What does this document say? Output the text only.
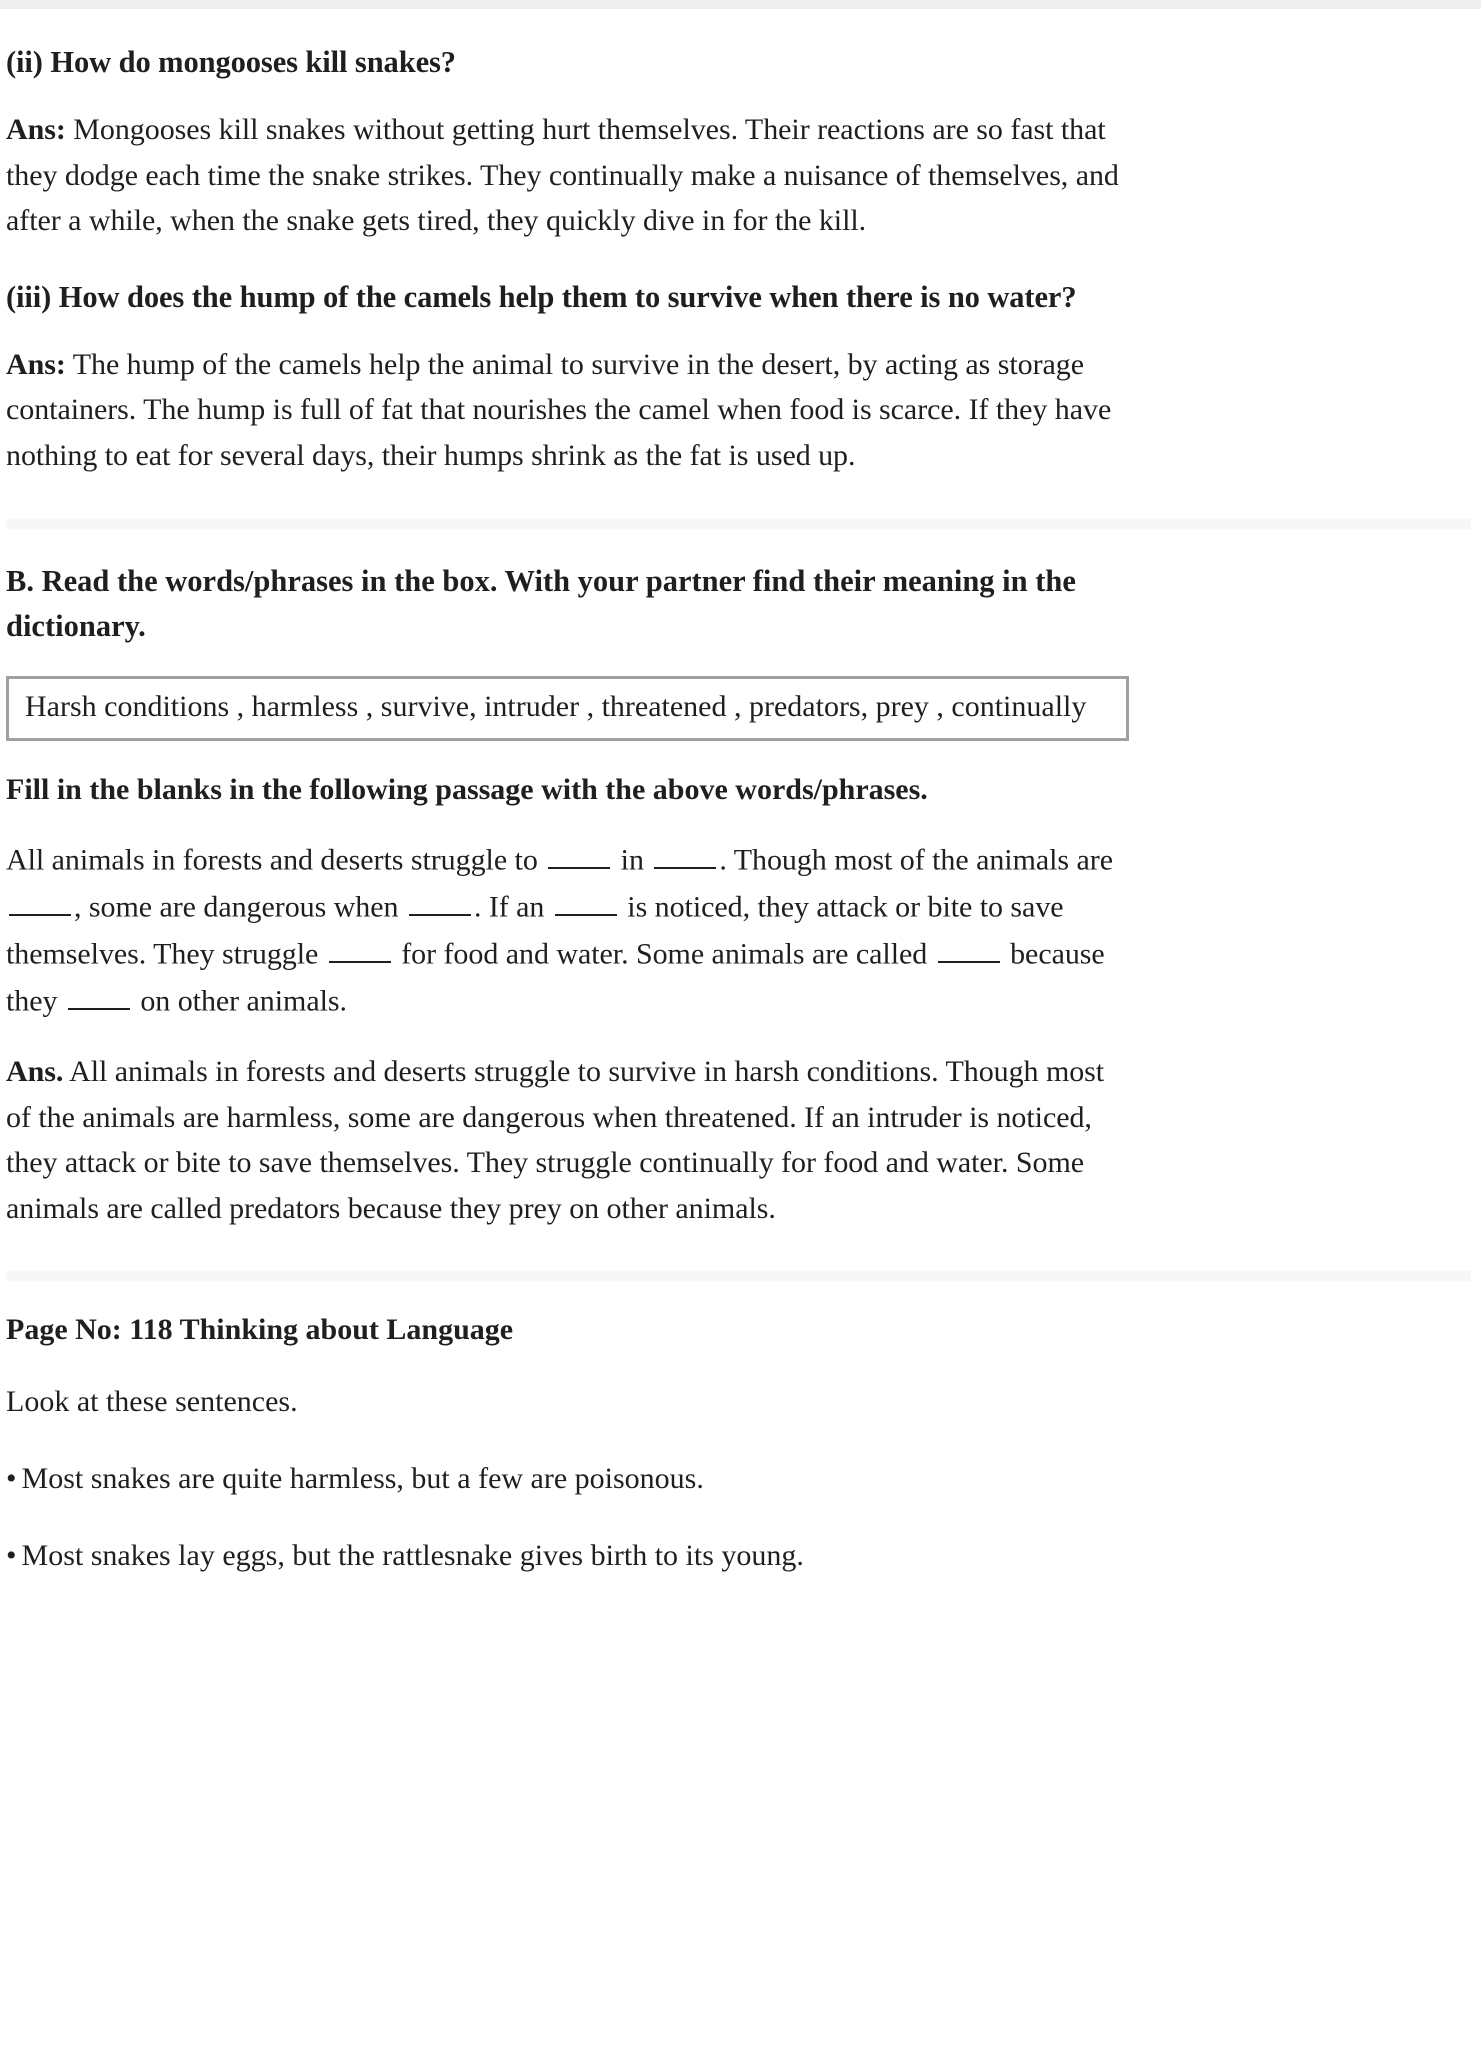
(ii) How do mongooses kill snakes?

Ans: Mongooses kill snakes without getting hurt themselves. Their reactions are so fast that they dodge each time the snake strikes. They continually make a nuisance of themselves, and after a while, when the snake gets tired, they quickly dive in for the kill.

(iii) How does the hump of the camels help them to survive when there is no water?

Ans: The hump of the camels help the animal to survive in the desert, by acting as storage containers. The hump is full of fat that nourishes the camel when food is scarce. If they have nothing to eat for several days, their humps shrink as the fat is used up.

B. Read the words/phrases in the box. With your partner find their meaning in the dictionary.
Harsh conditions , harmless , survive, intruder , threatened , predators, prey , continually
Fill in the blanks in the following passage with the above words/phrases.

All animals in forests and deserts struggle to  in . Though most of the animals are , some are dangerous when . If an  is noticed, they attack or bite to save themselves. They struggle  for food and water. Some animals are called  because they  on other animals.

Ans. All animals in forests and deserts struggle to survive in harsh conditions. Though most of the animals are harmless, some are dangerous when threatened. If an intruder is noticed, they attack or bite to save themselves. They struggle continually for food and water. Some animals are called predators because they prey on other animals.

Page No: 118 Thinking about Language

Look at these sentences.

• Most snakes are quite harmless, but a few are poisonous.

• Most snakes lay eggs, but the rattlesnake gives birth to its young.
